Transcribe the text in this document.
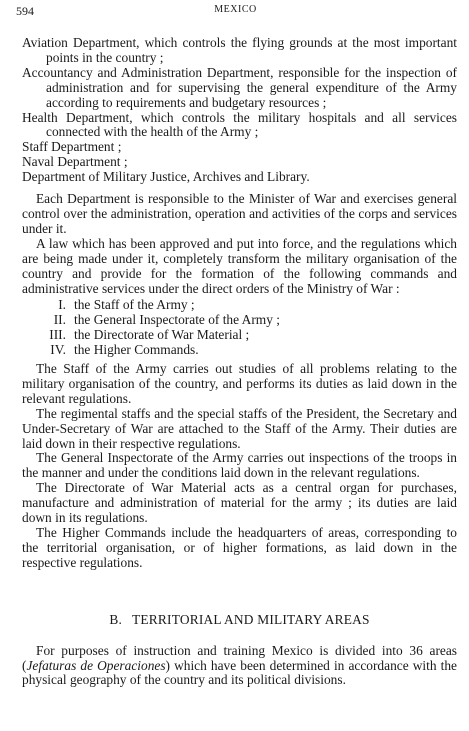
594	MEXICO

Aviation Department, which controls the flying grounds at the most important points in the country ;

Accountancy and Administration Department, responsible for the inspection of administration and for supervising the general expenditure of the Army according to requirements and budgetary resources ;

Health Department, which controls the military hospitals and all services connected with the health of the Army ;

Staff Department ;

Naval Department ;

Department of Military Justice, Archives and Library.

Each Department is responsible to the Minister of War and exercises general control over the administration, operation and activities of the corps and services under it.

A law which has been approved and put into force, and the regulations which are being made under it, completely transform the military organisation of the country and provide for the formation of the following commands and administrative services under the direct orders of the Ministry of War :

I. the Staff of the Army ;
II. the General Inspectorate of the Army ;
III. the Directorate of War Material ;
IV. the Higher Commands.

The Staff of the Army carries out studies of all problems relating to the military organisation of the country, and performs its duties as laid down in the relevant regulations.

The regimental staffs and the special staffs of the President, the Secretary and Under-Secretary of War are attached to the Staff of the Army. Their duties are laid down in their respective regulations.

The General Inspectorate of the Army carries out inspections of the troops in the manner and under the conditions laid down in the relevant regulations.

The Directorate of War Material acts as a central organ for purchases, manufacture and administration of material for the army ; its duties are laid down in its regulations.

The Higher Commands include the headquarters of areas, corresponding to the territorial organisation, or of higher formations, as laid down in the respective regulations.

B. TERRITORIAL AND MILITARY AREAS

For purposes of instruction and training Mexico is divided into 36 areas (Jefaturas de Operaciones) which have been determined in accordance with the physical geography of the country and its political divisions.
